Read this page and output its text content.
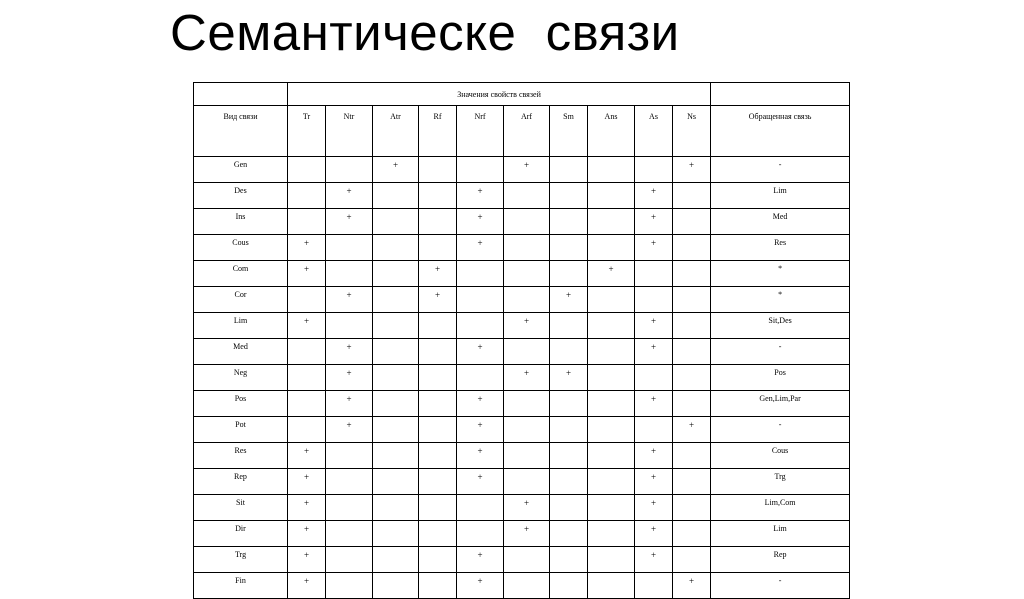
Семантическе  связи
	Значения свойств связей										
Вид связи	Tr	Ntr	Atr	Rf	Nrf	Arf	Sm	Ans	As	Ns	Обращенная связь
Gen			+			+				+	-
Des		+			+				+		Lim
Ins		+			+				+		Med
Cous	+				+				+		Res
Com	+			+				+			*
Cor		+		+			+				*
Lim	+					+			+		Sit,Des
Med		+			+				+		-
Neg		+				+	+				Pos
Pos		+			+				+		Gen,Lim,Par
Pot		+			+					+	-
Res	+				+				+		Cous
Rep	+				+				+		Trg
Sit	+					+			+		Lim,Com
Dir	+					+			+		Lim
Trg	+				+				+		Rep
Fin	+				+					+	-
